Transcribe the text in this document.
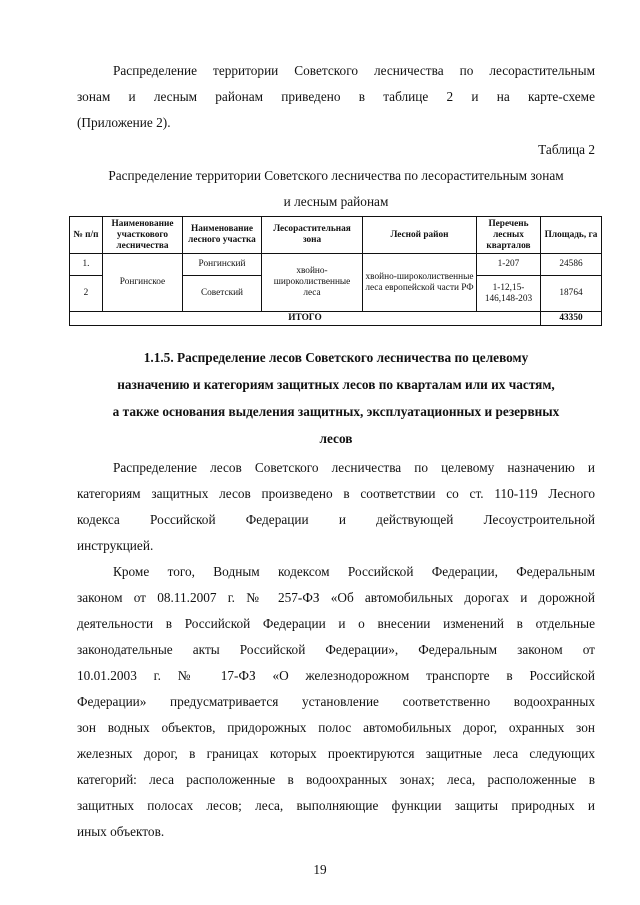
Распределение территории Советского лесничества по лесорастительным
зонам и лесным районам приведено в таблице 2 и на карте-схеме
(Приложение 2).
Таблица 2
Распределение территории Советского лесничества по лесорастительным зонам
и лесным районам
№ п/п	Наименование участкового лесничества	Наименование лесного участка	Лесорастительная зона	Лесной район	Перечень лесных кварталов	Площадь, га
1.	Ронгинское	Ронгинский	хвойно-широколиственные леса	хвойно-широколиственные леса европейской части РФ	1-207	24586
2		Советский			1-12,15-146,148-203	18764
ИТОГО						43350
1.1.5. Распределение лесов Советского лесничества по целевому
назначению и категориям защитных лесов по кварталам или их частям,
а также основания выделения защитных, эксплуатационных и резервных
лесов
Распределение лесов Советского лесничества по целевому назначению и
категориям защитных лесов произведено в соответствии со ст. 110-119 Лесного
кодекса Российской Федерации и действующей Лесоустроительной
инструкцией.
Кроме того, Водным кодексом Российской Федерации, Федеральным
законом от 08.11.2007 г. № 257-ФЗ «Об автомобильных дорогах и дорожной
деятельности в Российской Федерации и о внесении изменений в отдельные
законодательные акты Российской Федерации», Федеральным законом от
10.01.2003 г. № 17-ФЗ «О железнодорожном транспорте в Российской
Федерации» предусматривается установление соответственно водоохранных
зон водных объектов, придорожных полос автомобильных дорог, охранных зон
железных дорог, в границах которых проектируются защитные леса следующих
категорий: леса расположенные в водоохранных зонах; леса, расположенные в
защитных полосах лесов; леса, выполняющие функции защиты природных и
иных объектов.
19
